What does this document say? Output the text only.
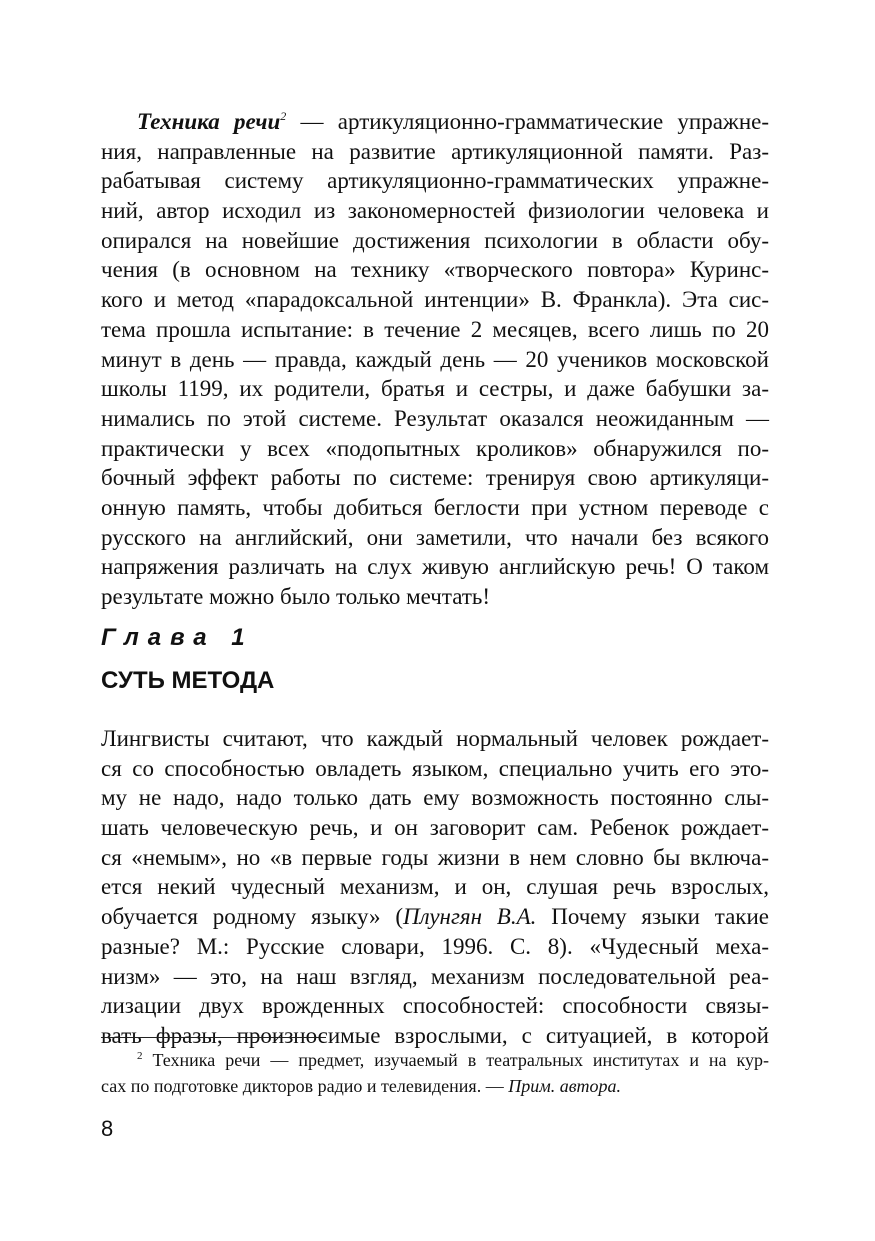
Техника речи$^2$ — артикуляционно-грамматические упражне-
ния, направленные на развитие артикуляционной памяти. Раз-
рабатывая систему артикуляционно-грамматических упражне-
ний, автор исходил из закономерностей физиологии человека и
опирался на новейшие достижения психологии в области обу-
чения (в основном на технику «творческого повтора» Куринс-
кого и метод «парадоксальной интенции» В. Франкла). Эта сис-
тема прошла испытание: в течение 2 месяцев, всего лишь по 20
минут в день — правда, каждый день — 20 учеников московской
школы 1199, их родители, братья и сестры, и даже бабушки за-
нимались по этой системе. Результат оказался неожиданным —
практически у всех «подопытных кроликов» обнаружился по-
бочный эффект работы по системе: тренируя свою артикуляци-
онную память, чтобы добиться беглости при устном переводе с
русского на английский, они заметили, что начали без всякого
напряжения различать на слух живую английскую речь! О таком
результате можно было только мечтать!
Глава 1
СУТЬ МЕТОДА
Лингвисты считают, что каждый нормальный человек рождает-
ся со способностью овладеть языком, специально учить его это-
му не надо, надо только дать ему возможность постоянно слы-
шать человеческую речь, и он заговорит сам. Ребенок рождает-
ся «немым», но «в первые годы жизни в нем словно бы включа-
ется некий чудесный механизм, и он, слушая речь взрослых,
обучается родному языку» (Плунгян В.А. Почему языки такие
разные? М.: Русские словари, 1996. С. 8). «Чудесный меха-
низм» — это, на наш взгляд, механизм последовательной реа-
лизации двух врожденных способностей: способности связы-
вать фразы, произносимые взрослыми, с ситуацией, в которой
$^2$ Техника речи — предмет, изучаемый в театральных институтах и на кур-
сах по подготовке дикторов радио и телевидения. — Прим. автора.
8
